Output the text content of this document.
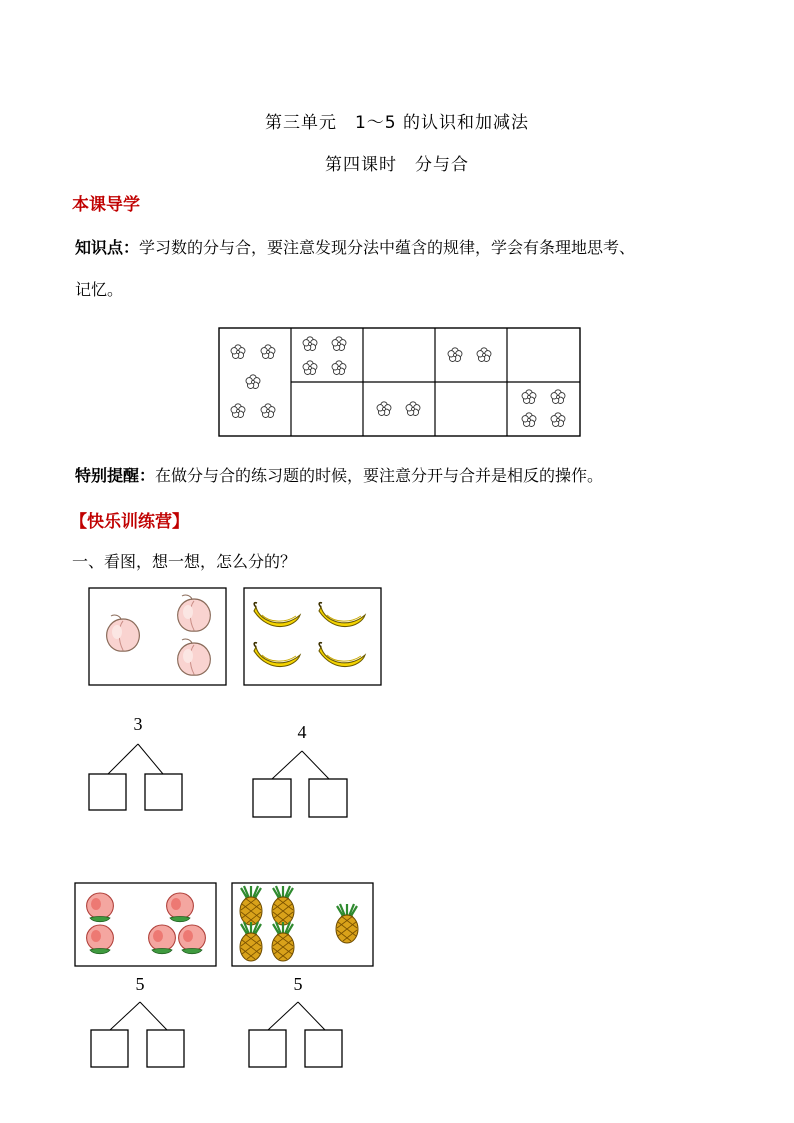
第三单元　1～5 的认识和加减法
第四课时　分与合
本课导学
知识点：学习数的分与合，要注意发现分法中蕴含的规律，学会有条理地思考、
记忆。
特别提醒：在做分与合的练习题的时候，要注意分开与合并是相反的操作。
【快乐训练营】
一、看图，想一想，怎么分的？
3	4
5	5
